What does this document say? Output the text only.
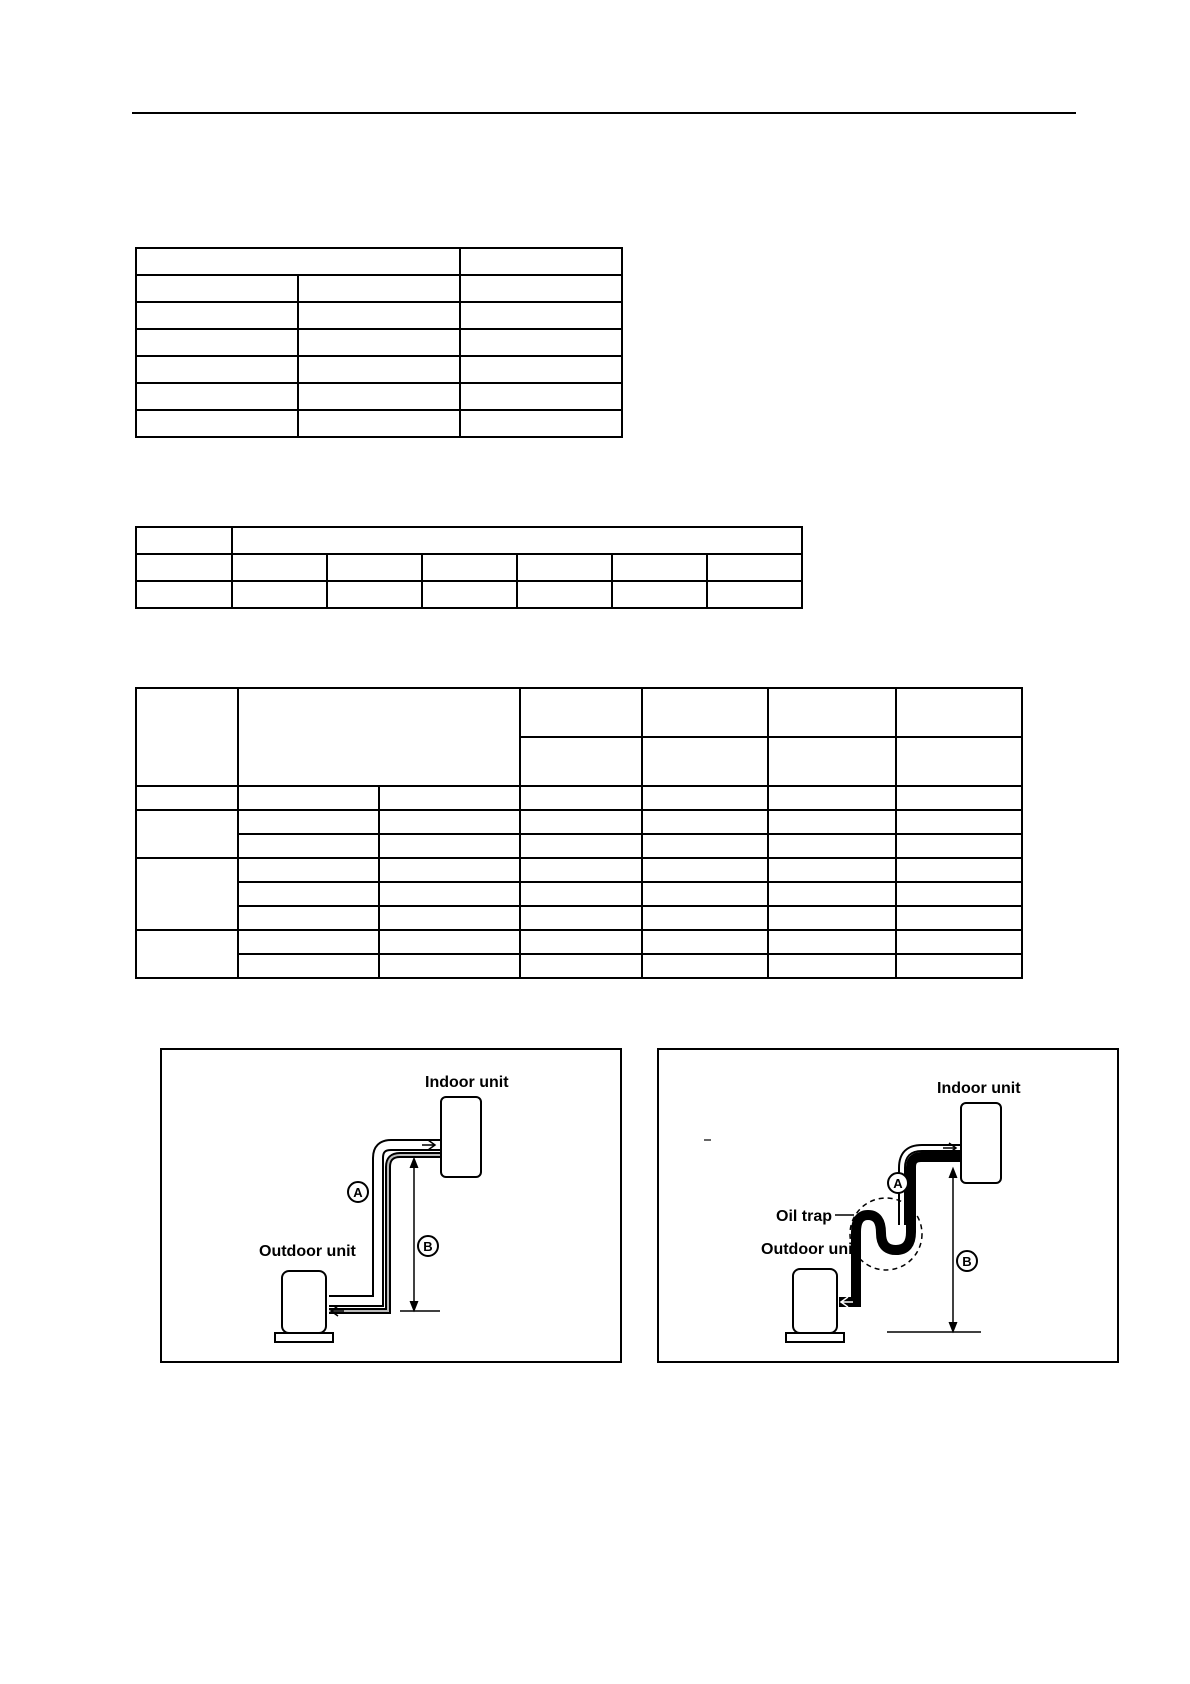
Indoor unit
Outdoor unit
A
B
Indoor unit
Oil trap
Outdoor unit
A
B
